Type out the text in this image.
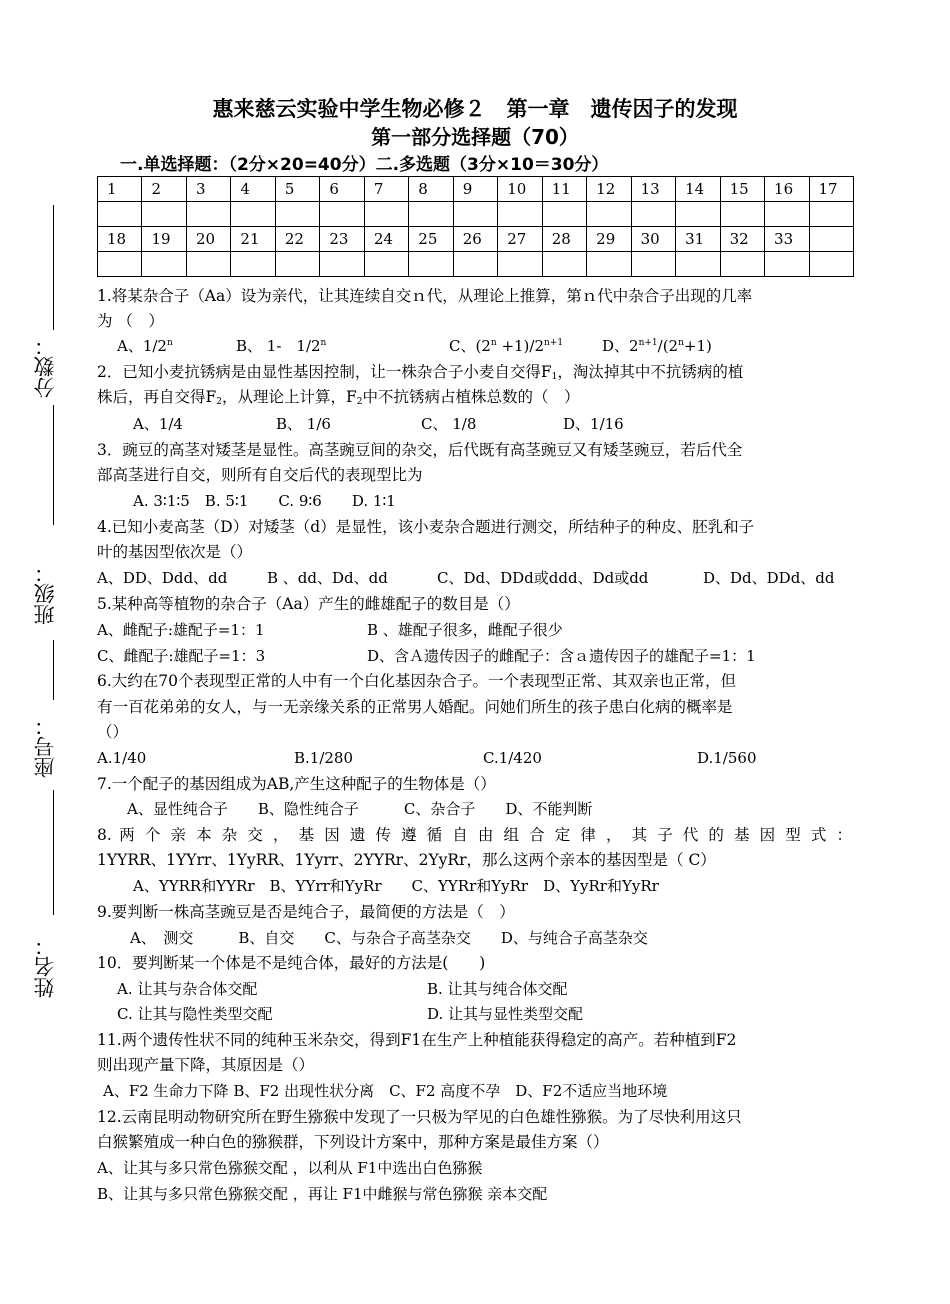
分数：
班级：
座号：
姓名：
惠来慈云实验中学生物必修２　第一章　遗传因子的发现
第一部分选择题（70）
一.单选择题：（2分×20=40分）二.多选题（3分×10＝30分）
1	2	3	4	5	6	7	8	9	10	11	12	13	14	15	16	17

18	19	20	21	22	23	24	25	26	27	28	29	30	31	32	33	

1.将某杂合子（Aa）设为亲代，让其连续自交ｎ代，从理论上推算，第ｎ代中杂合子出现的几率
为 （　）
A、1/2$^n$	B、 1-　1/2$^n$	C、$(2^n +1)/2^{n+1}$	D、$2^{n+1}/(2^n+1)$
2．已知小麦抗锈病是由显性基因控制，让一株杂合子小麦自交得$F_1$，淘汰掉其中不抗锈病的植
株后，再自交得$F_2$，从理论上计算，$F_2$中不抗锈病占植株总数的（　）
A、1/4	B、 1/6	C、 1/8	D、1/16
3．豌豆的高茎对矮茎是显性。高茎豌豆间的杂交，后代既有高茎豌豆又有矮茎豌豆，若后代全
部高茎进行自交，则所有自交后代的表现型比为
A. 3∶1∶5　B. 5∶1　　C. 9∶6　　D. 1∶1
4.已知小麦高茎（D）对矮茎（d）是显性，该小麦杂合题进行测交，所结种子的种皮、胚乳和子
叶的基因型依次是（）
A、DD、Ddd、dd	B 、dd、Dd、dd	C、Dd、DDd或ddd、Dd或dd	D、Dd、DDd、dd
5.某种高等植物的杂合子（Aa）产生的雌雄配子的数目是（）
A、雌配子:雄配子=1：1	B 、雄配子很多，雌配子很少
C、雌配子:雄配子=1：3	D、含Ａ遗传因子的雌配子：含ａ遗传因子的雄配子=1：1
6.大约在70个表现型正常的人中有一个白化基因杂合子。一个表现型正常、其双亲也正常，但
有一百花弟弟的女人，与一无亲缘关系的正常男人婚配。问她们所生的孩子患白化病的概率是
（）
A.1/40	B.1/280	C.1/420	D.1/560
7.一个配子的基因组成为AB,产生这种配子的生物体是（）
A、显性纯合子　　B、隐性纯合子　　　C、杂合子　　D、不能判断
8. 两 个 亲 本 杂 交 ， 基 因 遗 传 遵 循 自 由 组 合 定 律 ， 其 子 代 的 基 因 型 式 ：
1YYRR、1YYrr、1YyRR、1Yyrr、2YYRr、2YyRr，那么这两个亲本的基因型是（ C）
A、YYRR和YYRr　B、YYrr和YyRr　　C、YYRr和YyRr　D、YyRr和YyRr
9.要判断一株高茎豌豆是否是纯合子，最简便的方法是（　）
A、　测交　　　B、自交　　C、与杂合子高茎杂交　　D、与纯合子高茎杂交
10．要判断某一个体是不是纯合体，最好的方法是(　　)
A. 让其与杂合体交配	B. 让其与纯合体交配
C. 让其与隐性类型交配	D. 让其与显性类型交配
11.两个遗传性状不同的纯种玉米杂交，得到F1在生产上种植能获得稳定的高产。若种植到F2
则出现产量下降，其原因是（）
A、F2 生命力下降 B、F2 出现性状分离　C、F2 高度不孕　D、F2不适应当地环境
12.云南昆明动物研究所在野生猕猴中发现了一只极为罕见的白色雄性猕猴。为了尽快利用这只
白猴繁殖成一种白色的猕猴群，下列设计方案中，那种方案是最佳方案（）
A、让其与多只常色猕猴交配 ，以利从 F1中选出白色猕猴
B、让其与多只常色猕猴交配 ，再让 F1中雌猴与常色猕猴 亲本交配
